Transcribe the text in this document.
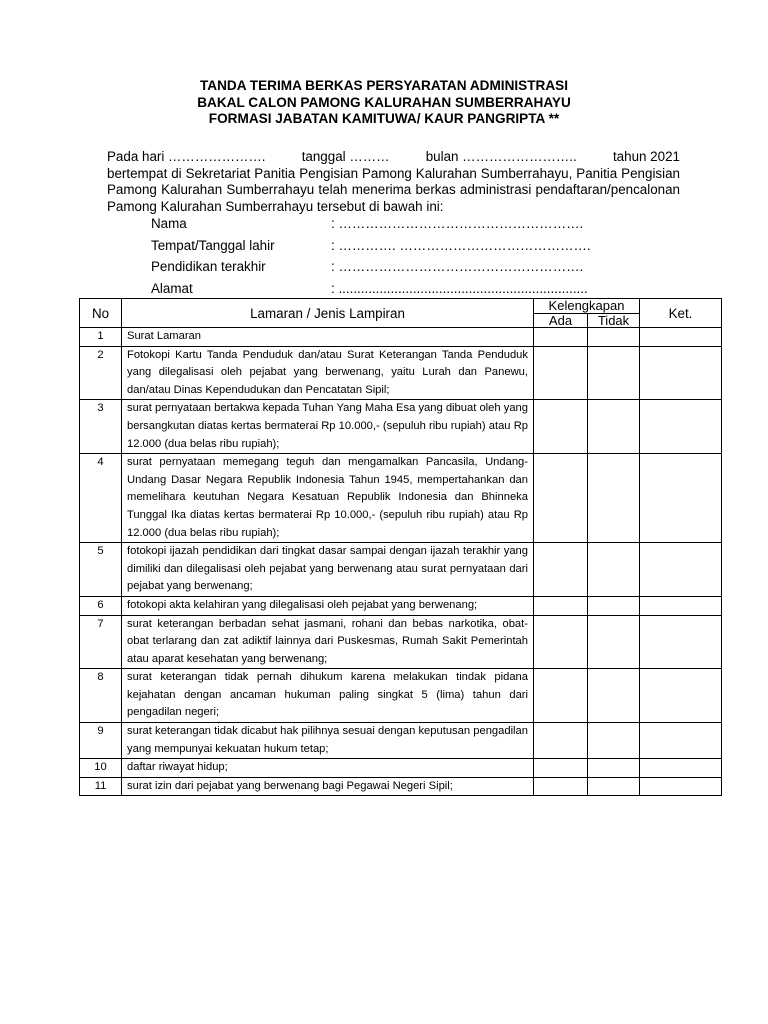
TANDA TERIMA BERKAS PERSYARATAN ADMINISTRASI
BAKAL CALON PAMONG KALURAHAN SUMBERRAHAYU
FORMASI JABATAN KAMITUWA/ KAUR PANGRIPTA **
Pada hari ………………….	tanggal ………	bulan ……………………..	tahun 2021
bertempat di Sekretariat Panitia Pengisian Pamong Kalurahan Sumberrahayu, Panitia Pengisian Pamong Kalurahan Sumberrahayu telah menerima berkas administrasi pendaftaran/pencalonan Pamong Kalurahan Sumberrahayu tersebut di bawah ini:
Nama	: ……………………………………………….
Tempat/Tanggal lahir	: …………. …………………………………….
Pendidikan terakhir	: ……………………………………………….
Alamat	: ...................................................................
No	Lamaran / Jenis Lampiran	Kelengkapan		Ket.
		Ada	Tidak	
1	Surat Lamaran			
2	Fotokopi Kartu Tanda Penduduk dan/atau Surat Keterangan Tanda Penduduk yang dilegalisasi oleh pejabat yang berwenang, yaitu Lurah dan Panewu, dan/atau Dinas Kependudukan dan Pencatatan Sipil;			
3	surat pernyataan bertakwa kepada Tuhan Yang Maha Esa yang dibuat oleh yang bersangkutan diatas kertas bermaterai Rp 10.000,- (sepuluh ribu rupiah) atau Rp 12.000 (dua belas ribu rupiah);			
4	surat pernyataan memegang teguh dan mengamalkan Pancasila, Undang-Undang Dasar Negara Republik Indonesia Tahun 1945, mempertahankan dan memelihara keutuhan Negara Kesatuan Republik Indonesia dan Bhinneka Tunggal Ika diatas kertas bermaterai Rp 10.000,- (sepuluh ribu rupiah) atau Rp 12.000 (dua belas ribu rupiah);			
5	fotokopi ijazah pendidikan dari tingkat dasar sampai dengan ijazah terakhir yang dimiliki dan dilegalisasi oleh pejabat yang berwenang atau surat pernyataan dari pejabat yang berwenang;			
6	fotokopi akta kelahiran yang dilegalisasi oleh pejabat yang berwenang;			
7	surat keterangan berbadan sehat jasmani, rohani dan bebas narkotika, obat-obat terlarang dan zat adiktif lainnya dari Puskesmas, Rumah Sakit Pemerintah atau aparat kesehatan yang berwenang;			
8	surat keterangan tidak pernah dihukum karena melakukan tindak pidana kejahatan dengan ancaman hukuman paling singkat 5 (lima) tahun dari pengadilan negeri;			
9	surat keterangan tidak dicabut hak pilihnya sesuai dengan keputusan pengadilan yang mempunyai kekuatan hukum tetap;			
10	daftar riwayat hidup;			
11	surat izin dari pejabat yang berwenang bagi Pegawai Negeri Sipil;			
